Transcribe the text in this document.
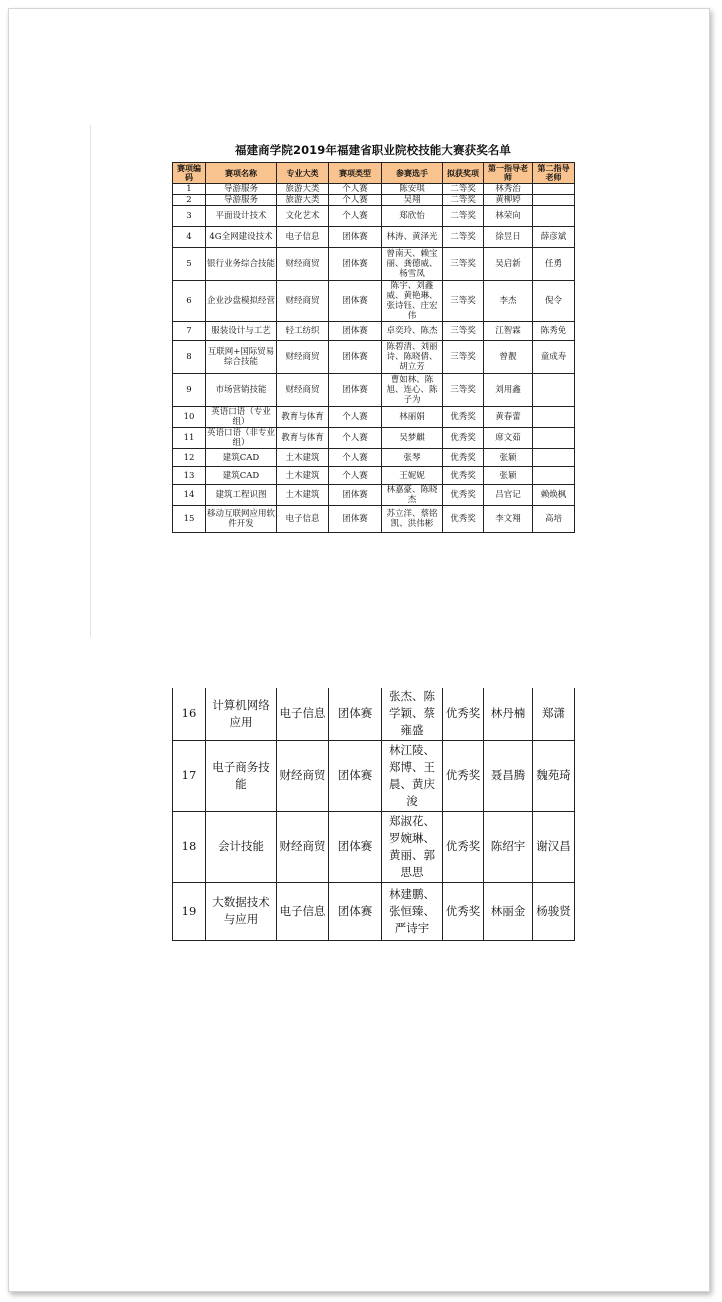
福建商学院2019年福建省职业院校技能大赛获奖名单
赛项编码	赛项名称	专业大类	赛项类型	参赛选手	拟获奖项	第一指导老师	第二指导老师
1	导游服务	旅游大类	个人赛	陈安琪	二等奖	林秀治	
2	导游服务	旅游大类	个人赛	吴翔	二等奖	黄柳婷	
3	平面设计技术	文化艺术	个人赛	郑欣怡	二等奖	林荣向	
4	4G全网建设技术	电子信息	团体赛	林涛、黄泽光	二等奖	徐昱日	薛彦斌
5	银行业务综合技能	财经商贸	团体赛	曾南天、赖宝丽、龚德威、杨雪凤	三等奖	吴启新	任勇
6	企业沙盘模拟经营	财经商贸	团体赛	陈宇、刘鑫威、黄艳琳、张诗钰、庄宏伟	三等奖	李杰	倪令
7	服装设计与工艺	轻工纺织	团体赛	卓奕玲、陈杰	三等奖	江智霖	陈秀免
8	互联网+国际贸易综合技能	财经商贸	团体赛	陈碧清、刘丽诗、陈晓倩、胡立芳	三等奖	曾靓	童成寿
9	市场营销技能	财经商贸	团体赛	曹如林、陈旭、连心、陈子为	三等奖	刘用鑫	
10	英语口语（专业组）	教育与体育	个人赛	林丽娟	优秀奖	黄春蕾	
11	英语口语（非专业组）	教育与体育	个人赛	吴梦麒	优秀奖	席文茹	
12	建筑CAD	土木建筑	个人赛	张琴	优秀奖	张颖	
13	建筑CAD	土木建筑	个人赛	王妮妮	优秀奖	张颖	
14	建筑工程识图	土木建筑	团体赛	林嘉豪、陈晓杰	优秀奖	吕官记	赖焕枫
15	移动互联网应用软件开发	电子信息	团体赛	苏立洋、蔡铭凯、洪伟彬	优秀奖	李文翔	高培
16	计算机网络应用	电子信息	团体赛	张杰、陈学颖、蔡雍盛	优秀奖	林丹楠	郑潇
17	电子商务技能	财经商贸	团体赛	林江陵、郑博、王晨、黄庆浚	优秀奖	聂昌腾	魏苑琦
18	会计技能	财经商贸	团体赛	郑淑花、罗婉琳、黄丽、郭思思	优秀奖	陈绍宇	谢汉昌
19	大数据技术与应用	电子信息	团体赛	林建鹏、张恒臻、严诗宇	优秀奖	林丽金	杨骏贤
